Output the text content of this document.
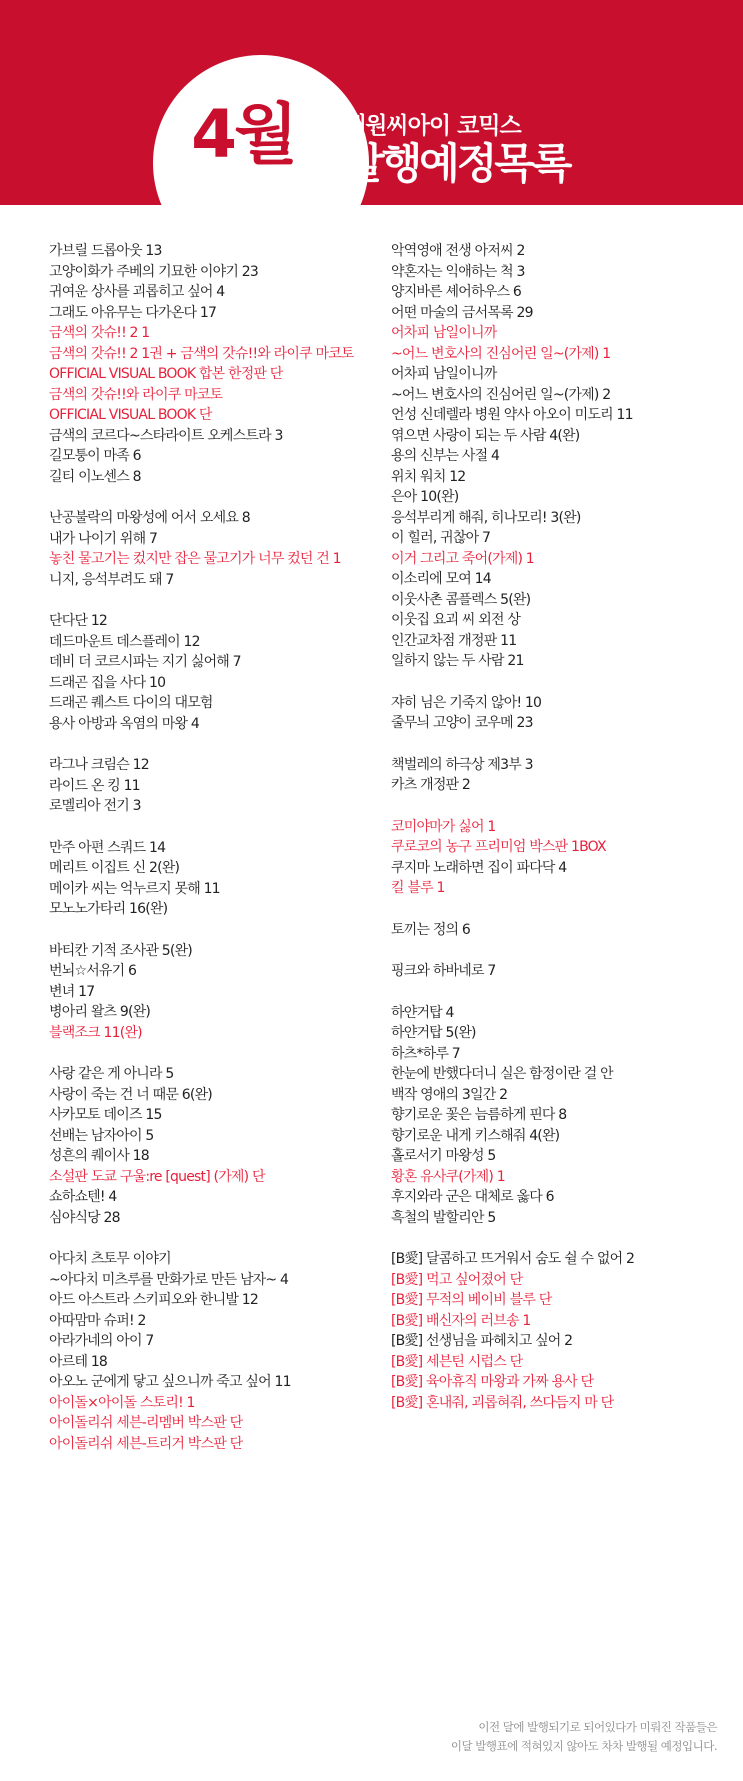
4월	대원씨아이 코믹스
발행예정목록
가브릴 드롭아웃 13
고양이화가 주베의 기묘한 이야기 23
귀여운 상사를 괴롭히고 싶어 4
그래도 아유무는 다가온다 17
금색의 갓슈!! 2 1
금색의 갓슈!! 2 1권 + 금색의 갓슈!!와 라이쿠 마코토
OFFICIAL VISUAL BOOK 합본 한정판 단
금색의 갓슈!!와 라이쿠 마코토
OFFICIAL VISUAL BOOK 단
금색의 코르다~스타라이트 오케스트라 3
길모퉁이 마족 6
길티 이노센스 8
난공불락의 마왕성에 어서 오세요 8
내가 나이기 위해 7
놓친 물고기는 컸지만 잡은 물고기가 너무 컸던 건 1
니지, 응석부려도 돼 7
단다단 12
데드마운트 데스플레이 12
데비 더 코르시파는 지기 싫어해 7
드래곤 집을 사다 10
드래곤 퀘스트 다이의 대모험
용사 아방과 옥염의 마왕 4
라그나 크림슨 12
라이드 온 킹 11
로멜리아 전기 3
만주 아편 스쿼드 14
메리트 이집트 신 2(완)
메이카 씨는 억누르지 못해 11
모노노가타리 16(완)
바티칸 기적 조사관 5(완)
번뇌☆서유기 6
변녀 17
병아리 왈츠 9(완)
블랙조크 11(완)
사랑 같은 게 아니라 5
사랑이 죽는 건 너 때문 6(완)
사카모토 데이즈 15
선배는 남자아이 5
성흔의 퀘이사 18
소설판 도쿄 구울:re [quest] (가제) 단
쇼하쇼텐! 4
심야식당 28
아다치 츠토무 이야기
~아다치 미츠루를 만화가로 만든 남자~ 4
아드 아스트라 스키피오와 한니발 12
아따맘마 슈퍼! 2
아라가네의 아이 7
아르테 18
아오노 군에게 닿고 싶으니까 죽고 싶어 11
아이돌×아이돌 스토리! 1
아이돌리쉬 세븐-리멤버 박스판 단
아이돌리쉬 세븐-트리거 박스판 단
악역영애 전생 아저씨 2
약혼자는 익애하는 척 3
양지바른 셰어하우스 6
어떤 마술의 금서목록 29
어차피 남일이니까
~어느 변호사의 진심어린 일~(가제) 1
어차피 남일이니까
~어느 변호사의 진심어린 일~(가제) 2
언성 신데렐라 병원 약사 아오이 미도리 11
엮으면 사랑이 되는 두 사람 4(완)
용의 신부는 사절 4
위치 워치 12
은아 10(완)
응석부리게 해줘, 히나모리! 3(완)
이 힐러, 귀찮아 7
이거 그리고 죽어(가제) 1
이소리에 모여 14
이웃사촌 콤플렉스 5(완)
이웃집 요괴 씨 외전 상
인간교차점 개정판 11
일하지 않는 두 사람 21
쟈히 님은 기죽지 않아! 10
줄무늬 고양이 코우메 23
책벌레의 하극상 제3부 3
카츠 개정판 2
코미야마가 싫어 1
쿠로코의 농구 프리미엄 박스판 1BOX
쿠지마 노래하면 집이 파다닥 4
킬 블루 1
토끼는 정의 6
핑크와 하바네로 7
하얀거탑 4
하얀거탑 5(완)
하츠*하루 7
한눈에 반했다더니 실은 함정이란 걸 안
백작 영애의 3일간 2
향기로운 꽃은 늠름하게 핀다 8
향기로운 내게 키스해줘 4(완)
홀로서기 마왕성 5
황혼 유사쿠(가제) 1
후지와라 군은 대체로 옳다 6
흑철의 발할리안 5
[B愛] 달콤하고 뜨거워서 숨도 쉴 수 없어 2
[B愛] 먹고 싶어졌어 단
[B愛] 무적의 베이비 블루 단
[B愛] 배신자의 러브송 1
[B愛] 선생님을 파헤치고 싶어 2
[B愛] 세븐틴 시럽스 단
[B愛] 육아휴직 마왕과 가짜 용사 단
[B愛] 혼내줘, 괴롭혀줘, 쓰다듬지 마 단
이전 달에 발행되기로 되어있다가 미뤄진 작품들은
이달 발행표에 적혀있지 않아도 차차 발행될 예정입니다.
